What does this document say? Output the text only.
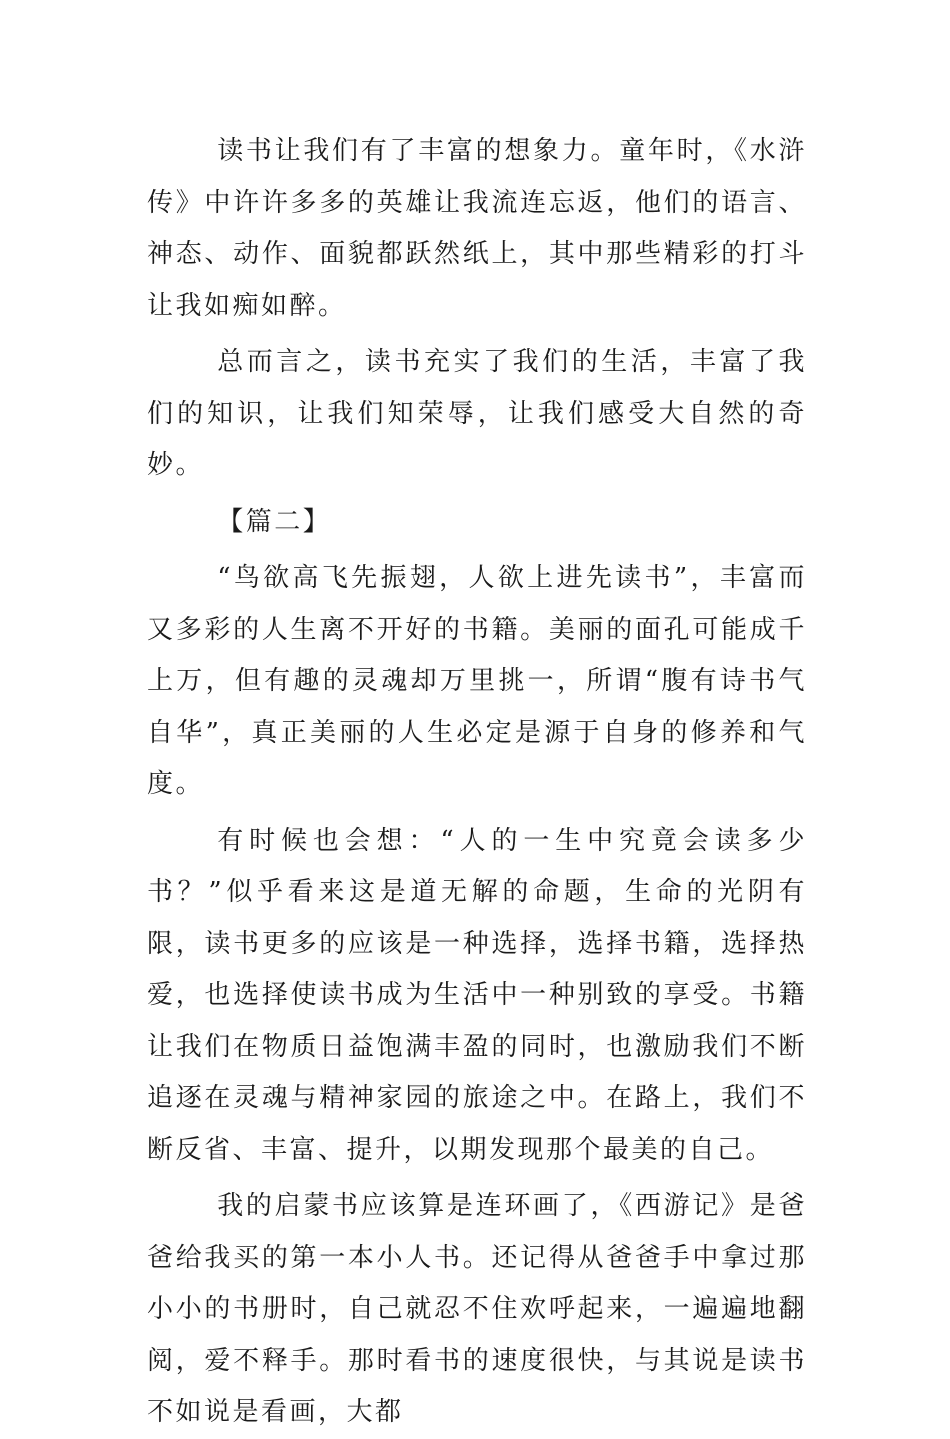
读书让我们有了丰富的想象力。童年时，《水浒传》中许许多多的英雄让我流连忘返，他们的语言、神态、动作、面貌都跃然纸上，其中那些精彩的打斗让我如痴如醉。

总而言之，读书充实了我们的生活，丰富了我们的知识，让我们知荣辱，让我们感受大自然的奇妙。

【篇二】

“鸟欲高飞先振翅，人欲上进先读书”，丰富而又多彩的人生离不开好的书籍。美丽的面孔可能成千上万，但有趣的灵魂却万里挑一，所谓“腹有诗书气自华”，真正美丽的人生必定是源于自身的修养和气度。

有时候也会想：“人的一生中究竟会读多少书？”似乎看来这是道无解的命题，生命的光阴有限，读书更多的应该是一种选择，选择书籍，选择热爱，也选择使读书成为生活中一种别致的享受。书籍让我们在物质日益饱满丰盈的同时，也激励我们不断追逐在灵魂与精神家园的旅途之中。在路上，我们不断反省、丰富、提升，以期发现那个最美的自己。

我的启蒙书应该算是连环画了，《西游记》是爸爸给我买的第一本小人书。还记得从爸爸手中拿过那小小的书册时，自己就忍不住欢呼起来，一遍遍地翻阅，爱不释手。那时看书的速度很快，与其说是读书不如说是看画，大都
